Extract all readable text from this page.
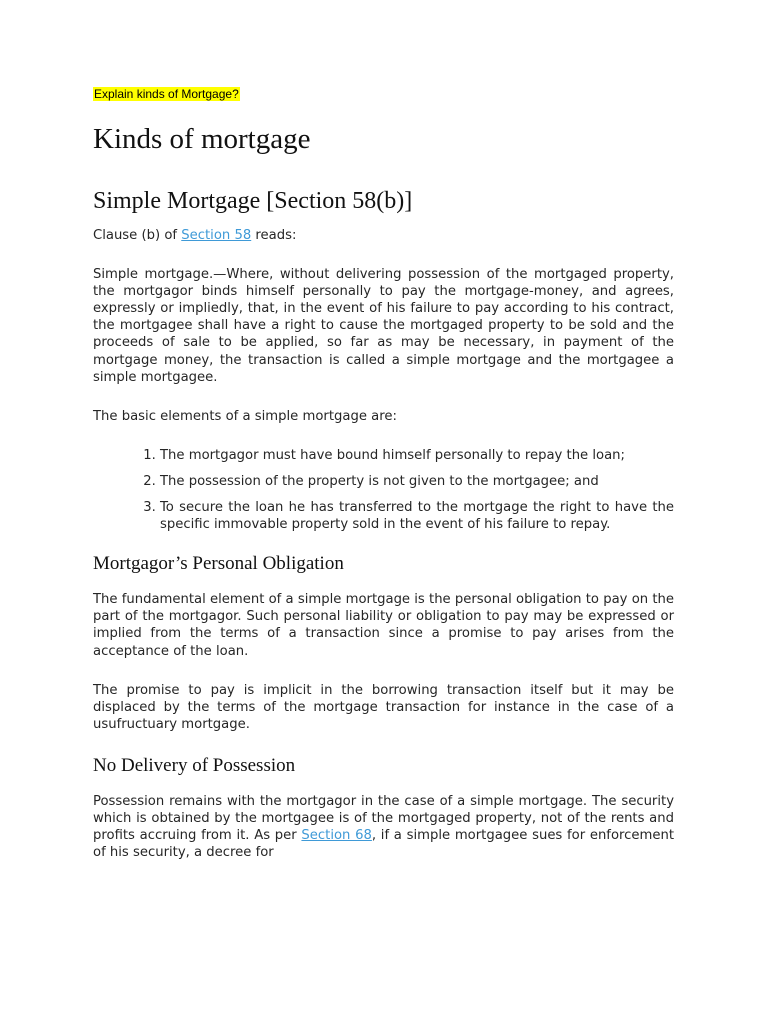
Explain kinds of Mortgage?

Kinds of mortgage
Simple Mortgage [Section 58(b)]

Clause (b) of Section 58 reads:

Simple mortgage.—Where, without delivering possession of the mortgaged property, the mortgagor binds himself personally to pay the mortgage-money, and agrees, expressly or impliedly, that, in the event of his failure to pay according to his contract, the mortgagee shall have a right to cause the mortgaged property to be sold and the proceeds of sale to be applied, so far as may be necessary, in payment of the mortgage money, the transaction is called a simple mortgage and the mortgagee a simple mortgagee.

The basic elements of a simple mortgage are:

1. The mortgagor must have bound himself personally to repay the loan;
2. The possession of the property is not given to the mortgagee; and
3. To secure the loan he has transferred to the mortgage the right to have the specific immovable property sold in the event of his failure to repay.
Mortgagor’s Personal Obligation

The fundamental element of a simple mortgage is the personal obligation to pay on the part of the mortgagor. Such personal liability or obligation to pay may be expressed or implied from the terms of a transaction since a promise to pay arises from the acceptance of the loan.

The promise to pay is implicit in the borrowing transaction itself but it may be displaced by the terms of the mortgage transaction for instance in the case of a usufructuary mortgage.

No Delivery of Possession

Possession remains with the mortgagor in the case of a simple mortgage. The security which is obtained by the mortgagee is of the mortgaged property, not of the rents and profits accruing from it. As per Section 68, if a simple mortgagee sues for enforcement of his security, a decree for
